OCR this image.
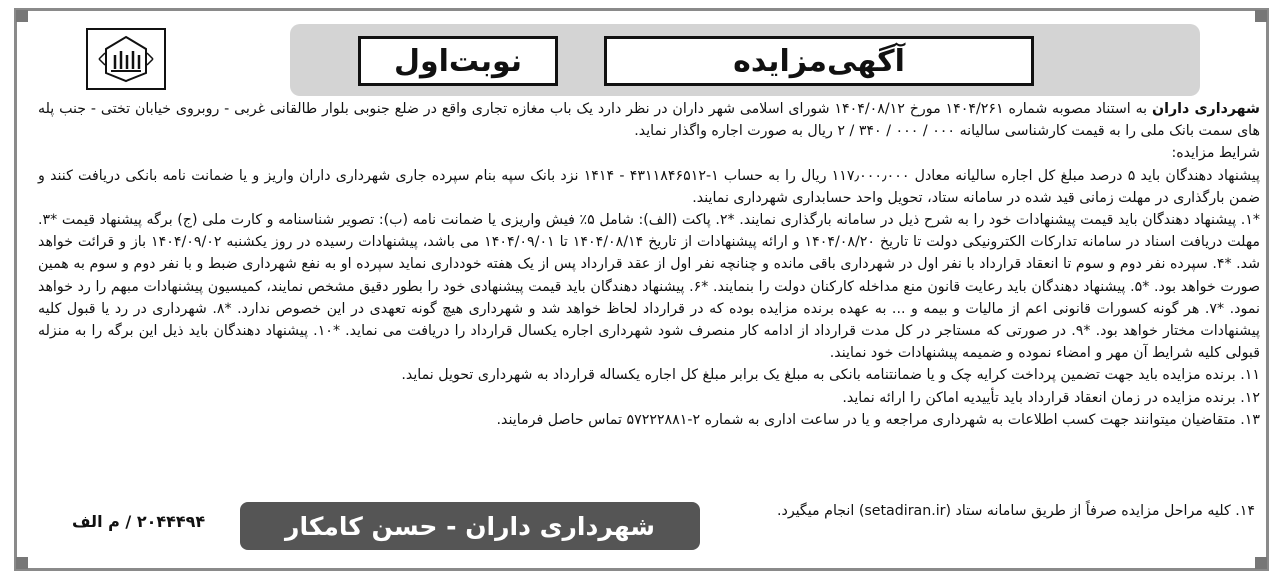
آگهی‌مزایده
نوبت‌اول

شهرداری داران به استناد مصوبه شماره ۱۴۰۴/۲۶۱ مورخ ۱۴۰۴/۰۸/۱۲ شورای اسلامی شهر داران در نظر دارد یک باب مغازه تجاری واقع در ضلع جنوبی بلوار طالقانی غربی - روبروی خیابان تختی - جنب پله های سمت بانک ملی را به قیمت کارشناسی سالیانه ۰۰۰ / ۰۰۰ / ۳۴۰ / ۲ ریال به صورت اجاره واگذار نماید.

شرایط مزایده:

پیشنهاد دهندگان باید ۵ درصد مبلغ کل اجاره سالیانه معادل ۱۱۷٫۰۰۰٫۰۰۰ ریال را به حساب ۱-۴۳۱۱۸۴۶۵۱۲ - ۱۴۱۴ نزد بانک سپه بنام سپرده جاری شهرداری داران واریز و یا ضمانت نامه بانکی دریافت کنند و ضمن بارگذاری در مهلت زمانی قید شده در سامانه ستاد، تحویل واحد حسابداری شهرداری نمایند.

*۱. پیشنهاد دهندگان باید قیمت پیشنهادات خود را به شرح ذیل در سامانه بارگذاری نمایند. *۲. پاکت (الف): شامل ۵٪ فیش واریزی یا ضمانت نامه (ب): تصویر شناسنامه و کارت ملی (ج) برگه پیشنهاد قیمت *۳. مهلت دریافت اسناد در سامانه تدارکات الکترونیکی دولت تا تاریخ ۱۴۰۴/۰۸/۲۰ و ارائه پیشنهادات از تاریخ ۱۴۰۴/۰۸/۱۴ تا ۱۴۰۴/۰۹/۰۱ می باشد، پیشنهادات رسیده در روز یکشنبه ۱۴۰۴/۰۹/۰۲ باز و قرائت خواهد شد. *۴. سپرده نفر دوم و سوم تا انعقاد قرارداد با نفر اول در شهرداری باقی مانده و چنانچه نفر اول از عقد قرارداد پس از یک هفته خودداری نماید سپرده او به نفع شهرداری ضبط و با نفر دوم و سوم به همین صورت خواهد بود. *۵. پیشنهاد دهندگان باید رعایت قانون منع مداخله کارکنان دولت را بنمایند. *۶. پیشنهاد دهندگان باید قیمت پیشنهادی خود را بطور دقیق مشخص نمایند، کمیسیون پیشنهادات مبهم را رد خواهد نمود. *۷. هر گونه کسورات قانونی اعم از مالیات و بیمه و ... به عهده برنده مزایده بوده که در قرارداد لحاظ خواهد شد و شهرداری هیچ گونه تعهدی در این خصوص ندارد. *۸. شهرداری در رد یا قبول کلیه پیشنهادات مختار خواهد بود. *۹. در صورتی که مستاجر در کل مدت قرارداد از ادامه کار منصرف شود شهرداری اجاره یکسال قرارداد را دریافت می نماید. *۱۰. پیشنهاد دهندگان باید ذیل این برگه را به منزله قبولی کلیه شرایط آن مهر و امضاء نموده و ضمیمه پیشنهادات خود نمایند.

۱۱. برنده مزایده باید جهت تضمین پرداخت کرایه چک و یا ضمانتنامه بانکی به مبلغ یک برابر مبلغ کل اجاره یکساله قرارداد به شهرداری تحویل نماید.

۱۲. برنده مزایده در زمان انعقاد قرارداد باید تأییدیه اماکن را ارائه نماید.

۱۳. متقاضیان میتوانند جهت کسب اطلاعات به شهرداری مراجعه و یا در ساعت اداری به شماره ۲-۵۷۲۲۲۸۸۱ تماس حاصل فرمایند.

۱۴. کلیه مراحل مزایده صرفاً از طریق سامانه ستاد (setadiran.ir) انجام میگیرد.
شهرداری داران - حسن کامکار
۲۰۴۴۴۹۴ / م الف
